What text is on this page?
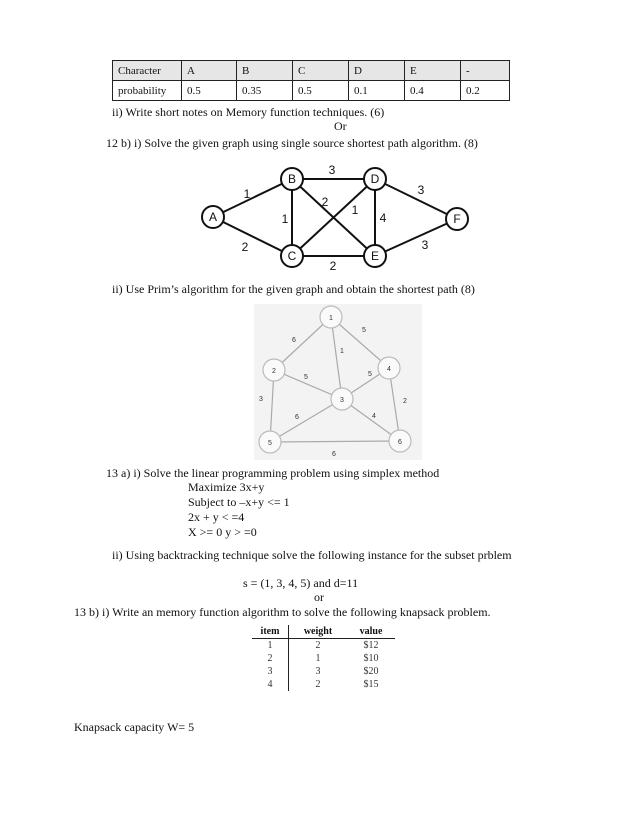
Character	A	B	C	D	E	-
probability	0.5	0.35	0.5	0.1	0.4	0.2
ii) Write short notes on Memory function techniques. (6)
Or
12 b) i) Solve the given graph using single source shortest path algorithm. (8)
A
B
C
D
E
F
1
2
1
3
2
1
2
4
3
3
ii) Use Prim’s algorithm for the given graph and obtain the shortest path (8)
1
2
3
4
5	6
6
5
1
5
3
5
6	4
2
6
13 a) i) Solve the linear programming problem using simplex method
Maximize 3x+y
Subject to –x+y <= 1
2x + y < =4
X >= 0 y > =0
ii) Using backtracking technique solve the following instance for the subset prblem
s = (1, 3, 4, 5) and d=11
or
13 b) i) Write an memory function algorithm to solve the following knapsack problem.
item	weight	value
1	2	$12
2	1	$10
3	3	$20
4	2	$15
Knapsack capacity W= 5
